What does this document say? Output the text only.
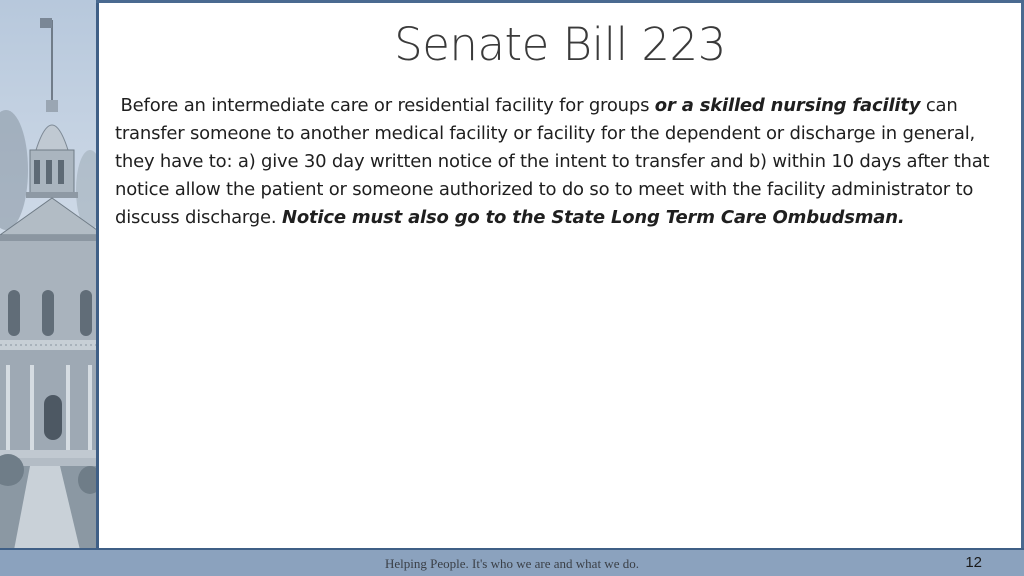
Senate Bill 223
Before an intermediate care or residential facility for groups or a skilled nursing facility can transfer someone to another medical facility or facility for the dependent or discharge in general, they have to: a) give 30 day written notice of the intent to transfer and b) within 10 days after that notice allow the patient or someone authorized to do so to meet with the facility administrator to discuss discharge. Notice must also go to the State Long Term Care Ombudsman.
Helping People. It's who we are and what we do.	12
